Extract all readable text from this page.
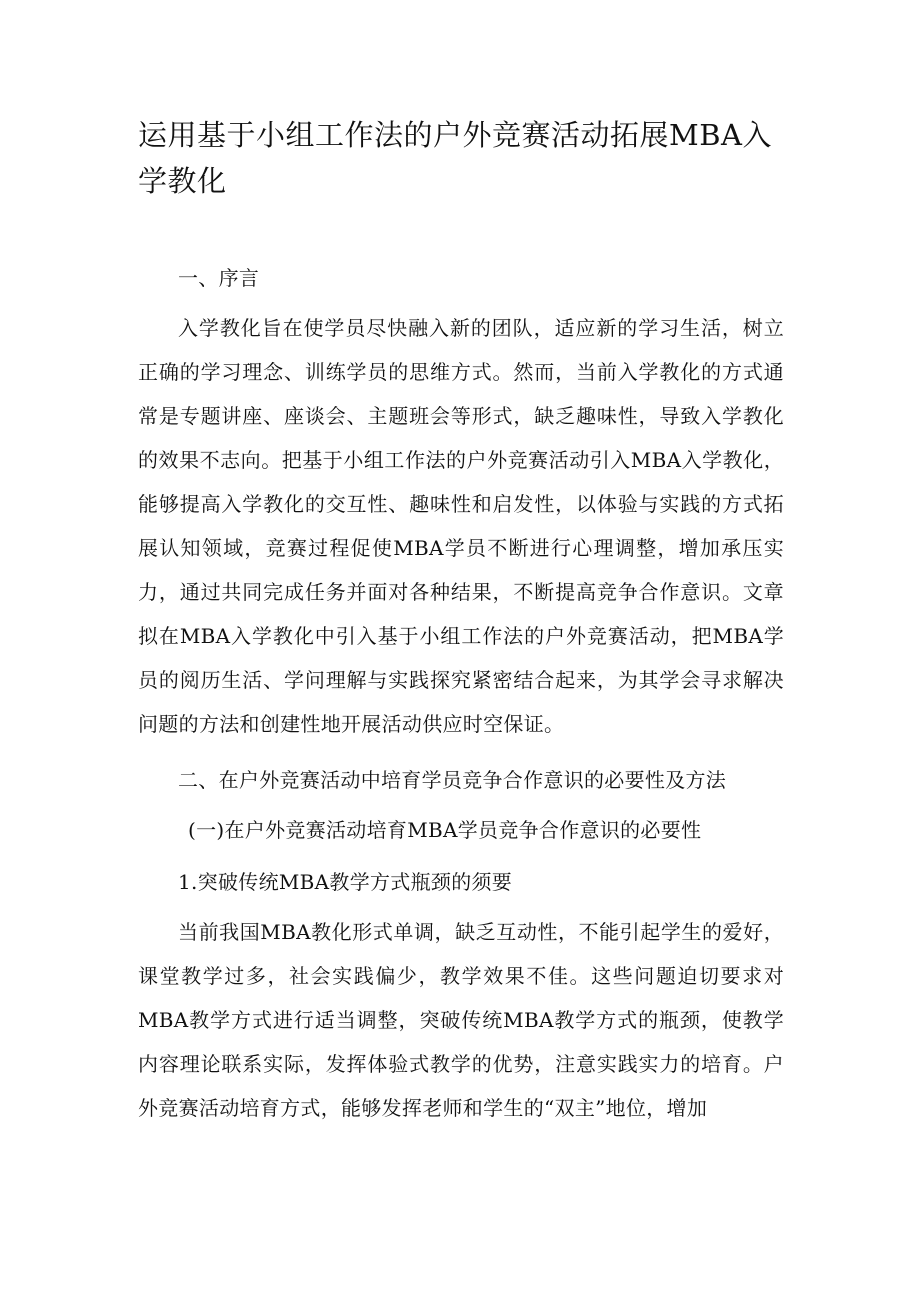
运用基于小组工作法的户外竞赛活动拓展MBA入学教化

一、序言

入学教化旨在使学员尽快融入新的团队，适应新的学习生活，树立正确的学习理念、训练学员的思维方式。然而，当前入学教化的方式通常是专题讲座、座谈会、主题班会等形式，缺乏趣味性，导致入学教化的效果不志向。把基于小组工作法的户外竞赛活动引入MBA入学教化，能够提高入学教化的交互性、趣味性和启发性，以体验与实践的方式拓展认知领域，竞赛过程促使MBA学员不断进行心理调整，增加承压实力，通过共同完成任务并面对各种结果，不断提高竞争合作意识。文章拟在MBA入学教化中引入基于小组工作法的户外竞赛活动，把MBA学员的阅历生活、学问理解与实践探究紧密结合起来，为其学会寻求解决问题的方法和创建性地开展活动供应时空保证。

二、在户外竞赛活动中培育学员竞争合作意识的必要性及方法

(一)在户外竞赛活动培育MBA学员竞争合作意识的必要性

1.突破传统MBA教学方式瓶颈的须要

当前我国MBA教化形式单调，缺乏互动性，不能引起学生的爱好，课堂教学过多，社会实践偏少，教学效果不佳。这些问题迫切要求对MBA教学方式进行适当调整，突破传统MBA教学方式的瓶颈，使教学内容理论联系实际，发挥体验式教学的优势，注意实践实力的培育。户外竞赛活动培育方式，能够发挥老师和学生的“双主”地位，增加
